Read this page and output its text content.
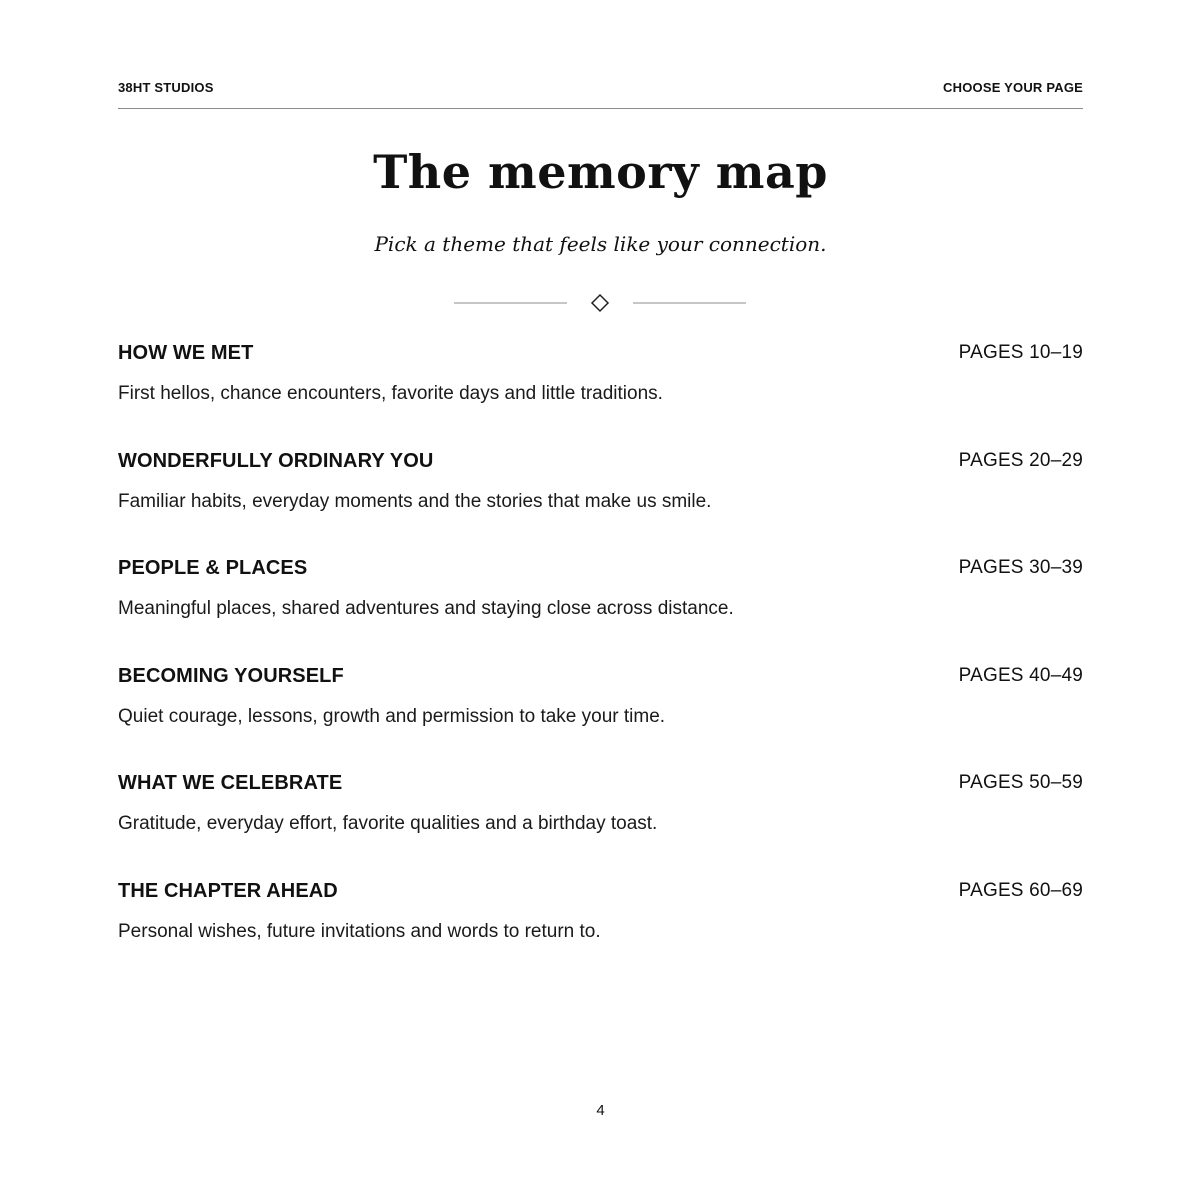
38HT STUDIOS	CHOOSE YOUR PAGE
The memory map
Pick a theme that feels like your connection.
HOW WE MET	PAGES 10–19
First hellos, chance encounters, favorite days and little traditions.
WONDERFULLY ORDINARY YOU	PAGES 20–29
Familiar habits, everyday moments and the stories that make us smile.
PEOPLE & PLACES	PAGES 30–39
Meaningful places, shared adventures and staying close across distance.
BECOMING YOURSELF	PAGES 40–49
Quiet courage, lessons, growth and permission to take your time.
WHAT WE CELEBRATE	PAGES 50–59
Gratitude, everyday effort, favorite qualities and a birthday toast.
THE CHAPTER AHEAD	PAGES 60–69
Personal wishes, future invitations and words to return to.
4
